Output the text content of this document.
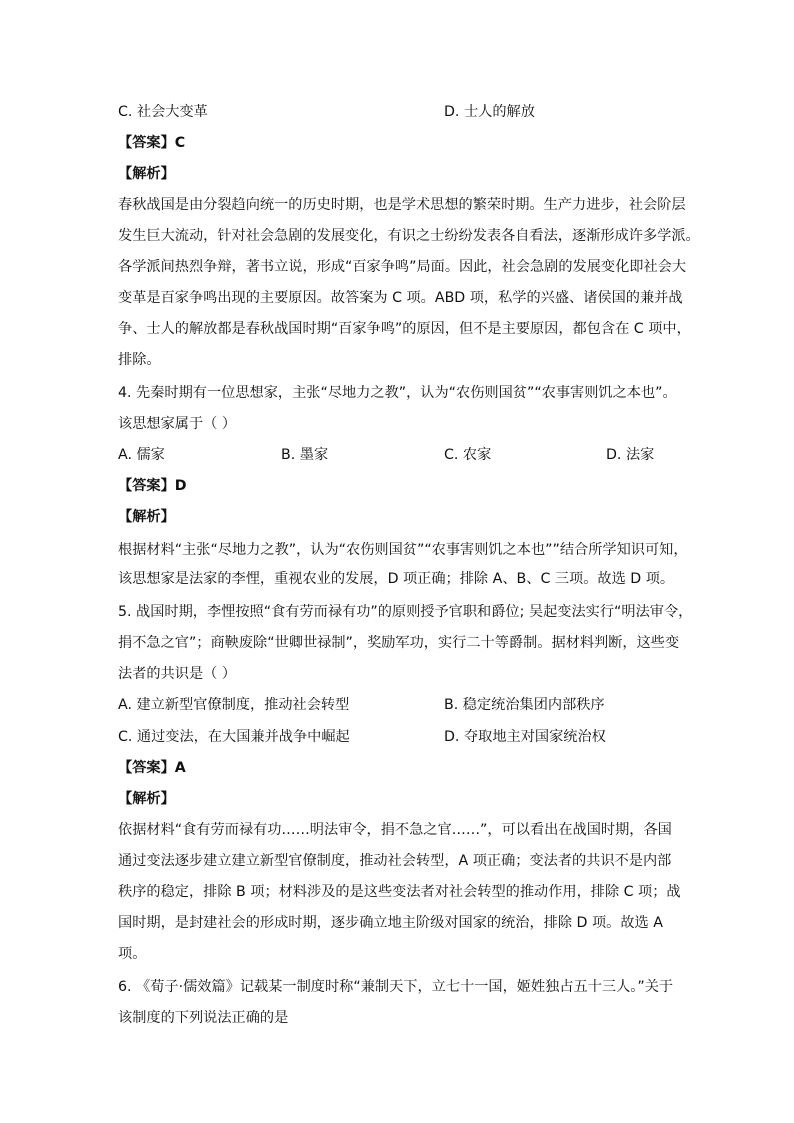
C. 社会大变革	D. 士人的解放
【答案】C
【解析】
春秋战国是由分裂趋向统一的历史时期，也是学术思想的繁荣时期。生产力进步，社会阶层
发生巨大流动，针对社会急剧的发展变化，有识之士纷纷发表各自看法，逐渐形成许多学派。
各学派间热烈争辩，著书立说，形成“百家争鸣”局面。因此，社会急剧的发展变化即社会大
变革是百家争鸣出现的主要原因。故答案为 C 项。ABD 项，私学的兴盛、诸侯国的兼并战
争、士人的解放都是春秋战国时期“百家争鸣”的原因，但不是主要原因，都包含在 C 项中，
排除。
4. 先秦时期有一位思想家，主张“尽地力之教”，认为“农伤则国贫”“农事害则饥之本也”。
该思想家属于（ ）
A. 儒家	B. 墨家	C. 农家	D. 法家
【答案】D
【解析】
根据材料“主张“尽地力之教”，认为“农伤则国贫”“农事害则饥之本也””结合所学知识可知，
该思想家是法家的李悝，重视农业的发展，D 项正确；排除 A、B、C 三项。故选 D 项。
5. 战国时期，李悝按照“食有劳而禄有功”的原则授予官职和爵位; 吴起变法实行“明法审令，
捐不急之官”；商鞅废除“世卿世禄制”，奖励军功，实行二十等爵制。据材料判断，这些变
法者的共识是（ ）
A. 建立新型官僚制度，推动社会转型	B. 稳定统治集团内部秩序
C. 通过变法，在大国兼并战争中崛起	D. 夺取地主对国家统治权
【答案】A
【解析】
依据材料“食有劳而禄有功……明法审令，捐不急之官……”，可以看出在战国时期，各国
通过变法逐步建立建立新型官僚制度，推动社会转型，A 项正确；变法者的共识不是内部
秩序的稳定，排除 B 项；材料涉及的是这些变法者对社会转型的推动作用，排除 C 项；战
国时期，是封建社会的形成时期，逐步确立地主阶级对国家的统治，排除 D 项。故选 A
项。
6. 《荀子·儒效篇》记载某一制度时称“兼制天下，立七十一国，姬姓独占五十三人。”关于
该制度的下列说法正确的是
